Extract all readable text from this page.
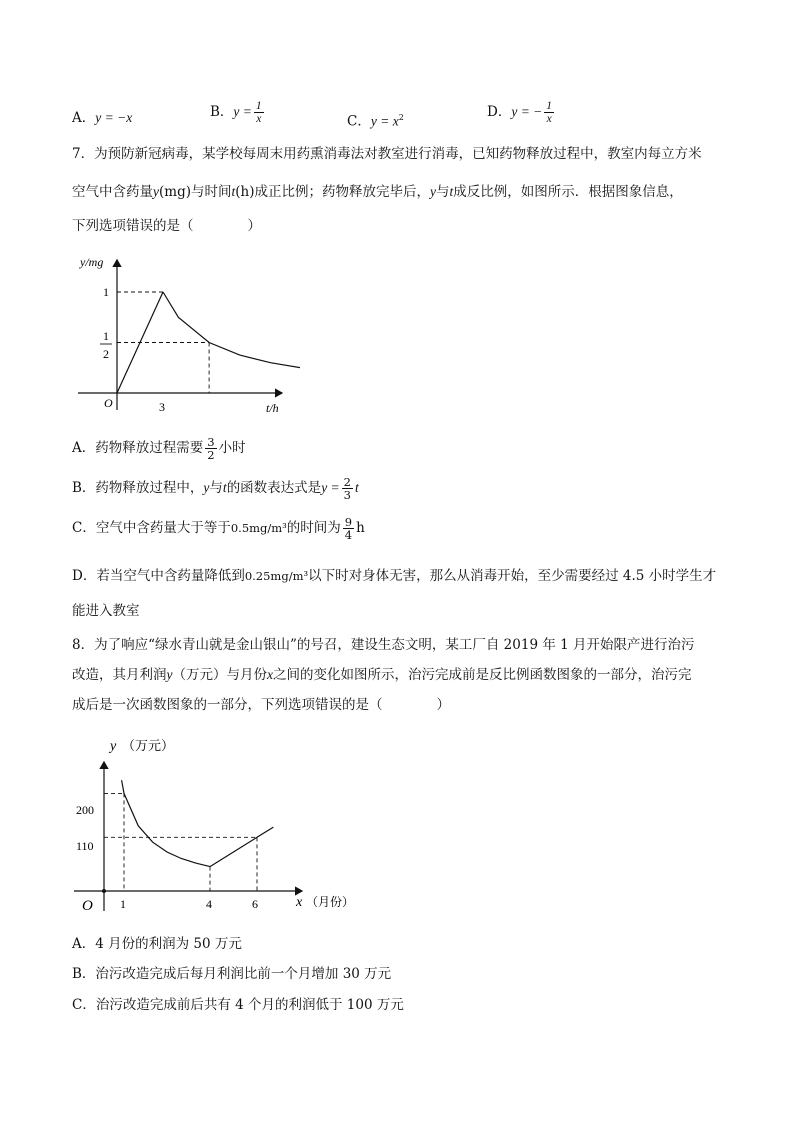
A．y = −x	B．$y = \frac{1}{x}$	C．$y = x^2$	D．y = − $\frac{1}{x}$
7．为预防新冠病毒，某学校每周末用药熏消毒法对教室进行消毒，已知药物释放过程中，教室内每立方米
空气中含药量y(mg)与时间t(h)成正比例；药物释放完毕后，y与t成反比例，如图所示．根据图象信息，
下列选项错误的是（　　　　）
y/mg
t/h
O
1
1
2
3
A．药物释放过程需要 $\frac{3}{2}$ 小时
B．药物释放过程中，y与t的函数表达式是$y = \frac{2}{3}$ t
C．空气中含药量大于等于0.5mg/m³的时间为 $\frac{9}{4}$ h
D．若当空气中含药量降低到0.25mg/m³以下时对身体无害，那么从消毒开始，至少需要经过 4.5 小时学生才
能进入教室
8．为了响应“绿水青山就是金山银山”的号召，建设生态文明，某工厂自 2019 年 1 月开始限产进行治污
改造，其月利润y（万元）与月份x之间的变化如图所示，治污完成前是反比例函数图象的一部分，治污完
成后是一次函数图象的一部分，下列选项错误的是（　　　　）
y （万元）
x （月份）
O
200
110
1	4	6
A．4 月份的利润为 50 万元
B．治污改造完成后每月利润比前一个月增加 30 万元
C．治污改造完成前后共有 4 个月的利润低于 100 万元
